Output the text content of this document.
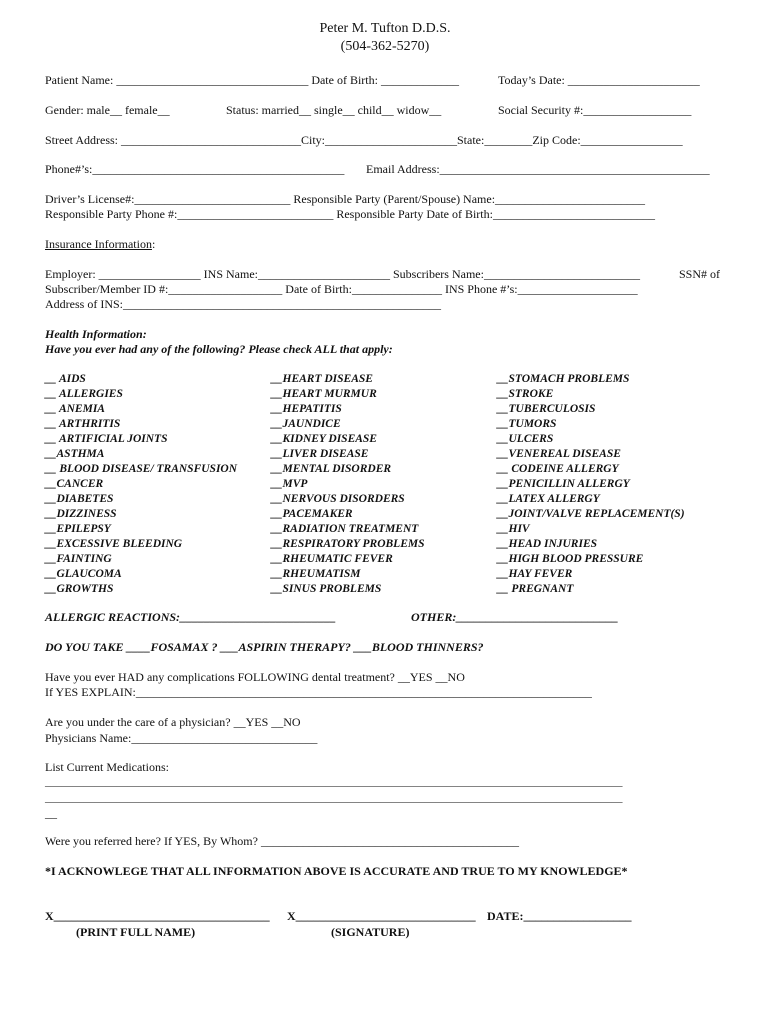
Peter M. Tufton D.D.S.
(504-362-5270)
Patient Name: ________________________________ Date of Birth: _____________	Today’s Date: ______________________
Gender: male__ female__	Status: married__ single__ child__ widow__	Social Security #:__________________
Street Address: ______________________________City:______________________State:________Zip Code:_________________
Phone#’s:__________________________________________ Email Address:_____________________________________________
Driver’s License#:__________________________ Responsible Party (Parent/Spouse) Name:_________________________
Responsible Party Phone #:__________________________ Responsible Party Date of Birth:___________________________
Insurance Information:
Employer: _________________ INS Name:______________________ Subscribers Name:__________________________	SSN# of
Subscriber/Member ID #:___________________ Date of Birth:_______________ INS Phone #’s:____________________
Address of INS:_____________________________________________________
Health Information:
Have you ever had any of the following? Please check ALL that apply:
__ AIDS
__ ALLERGIES
__ ANEMIA
__ ARTHRITIS
__ ARTIFICIAL JOINTS
__ASTHMA
__ BLOOD DISEASE/ TRANSFUSION
__CANCER
__DIABETES
__DIZZINESS
__EPILEPSY
__EXCESSIVE BLEEDING
__FAINTING
__GLAUCOMA
__GROWTHS
__HEART DISEASE
__HEART MURMUR
__HEPATITIS
__JAUNDICE
__KIDNEY DISEASE
__LIVER DISEASE
__MENTAL DISORDER
__MVP
__NERVOUS DISORDERS
__PACEMAKER
__RADIATION TREATMENT
__RESPIRATORY PROBLEMS
__RHEUMATIC FEVER
__RHEUMATISM
__SINUS PROBLEMS
__STOMACH PROBLEMS
__STROKE
__TUBERCULOSIS
__TUMORS
__ULCERS
__VENEREAL DISEASE
__ CODEINE ALLERGY
__PENICILLIN ALLERGY
__LATEX ALLERGY
__JOINT/VALVE REPLACEMENT(S)
__HIV
__HEAD INJURIES
__HIGH BLOOD PRESSURE
__HAY FEVER
__ PREGNANT
ALLERGIC REACTIONS:__________________________	OTHER:___________________________
DO YOU TAKE ____FOSAMAX ? ___ASPIRIN THERAPY? ___BLOOD THINNERS?
Have you ever HAD any complications FOLLOWING dental treatment? __YES __NO
If YES EXPLAIN:____________________________________________________________________________
Are you under the care of a physician? __YES __NO
Physicians Name:_______________________________
List Current Medications:
_________________________________________________________________________________________________________
_________________________________________________________________________________________________________
__
Were you referred here? If YES, By Whom? ___________________________________________
*I ACKNOWLEGE THAT ALL INFORMATION ABOVE IS ACCURATE AND TRUE TO MY KNOWLEDGE*
X____________________________________ X______________________________ DATE:__________________
(PRINT FULL NAME)	(SIGNATURE)
